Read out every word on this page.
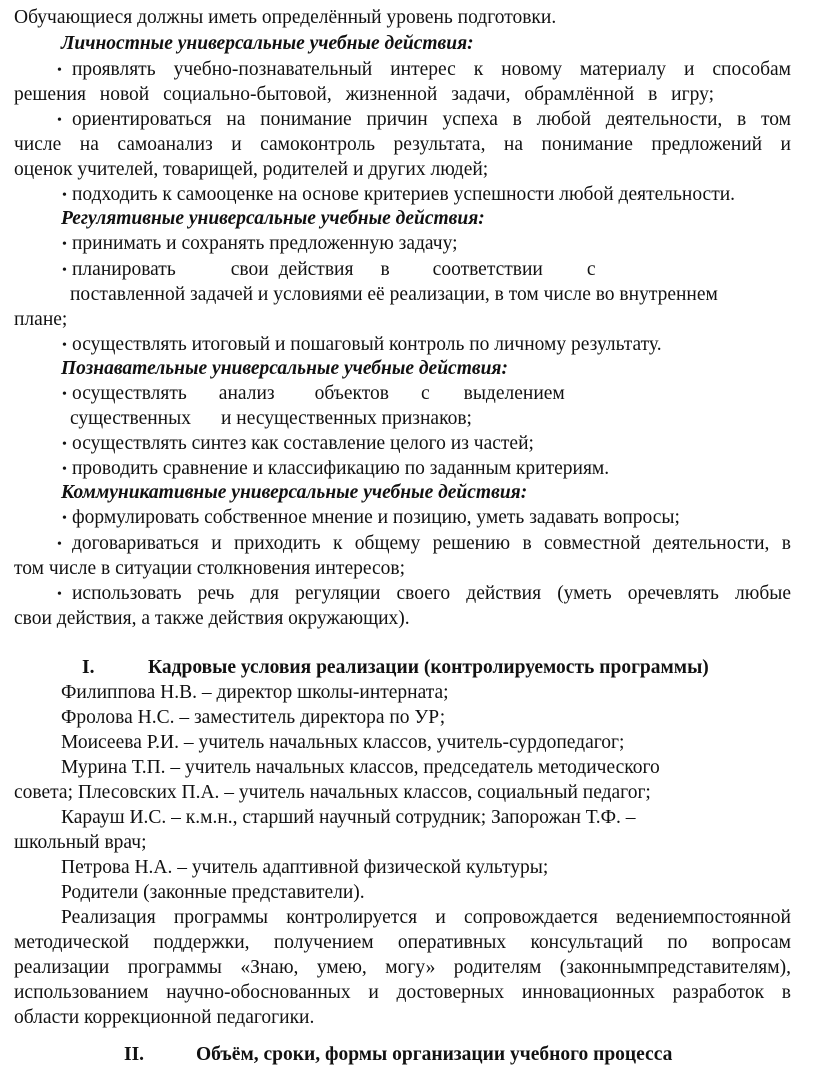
Обучающиеся должны иметь определённый уровень подготовки.
Личностные универсальные учебные действия:
• проявлять учебно-познавательный интерес к новому материалу и способам
решения новой социально-бытовой, жизненной задачи, обрамлённой в игру;
• ориентироваться на понимание причин успеха в любой деятельности, в том
числе на самоанализ и самоконтроль результата, на понимание предложений и
оценок учителей, товарищей, родителей и других людей;
• подходить к самооценке на основе критериев успешности любой деятельности.
Регулятивные универсальные учебные действия:
• принимать и сохранять предложенную задачу;
• планировать	свои действия в соответствии с
поставленной задачей и условиями её реализации, в том числе во внутреннем
плане;
• осуществлять итоговый и пошаговый контроль по личному результату.
Познавательные универсальные учебные действия:
• осуществлять анализ объектов с выделением
существенных и несущественных признаков;
• осуществлять синтез как составление целого из частей;
• проводить сравнение и классификацию по заданным критериям.
Коммуникативные универсальные учебные действия:
• формулировать собственное мнение и позицию, уметь задавать вопросы;
• договариваться и приходить к общему решению в совместной деятельности, в
том числе в ситуации столкновения интересов;
• использовать речь для регуляции своего действия (уметь оречевлять любые
свои действия, а также действия окружающих).
I.	Кадровые условия реализации (контролируемость программы)
Филиппова Н.В. – директор школы-интерната;
Фролова Н.С. – заместитель директора по УР;
Моисеева Р.И. – учитель начальных классов, учитель-сурдопедагог;
Мурина Т.П. – учитель начальных классов, председатель методического
совета; Плесовских П.А. – учитель начальных классов, социальный педагог;
Карауш И.С. – к.м.н., старший научный сотрудник; Запорожан Т.Ф. –
школьный врач;
Петрова Н.А. – учитель адаптивной физической культуры;
Родители (законные представители).
Реализация программы контролируется и сопровождается ведениемпостоянной
методической поддержки, получением оперативных консультаций по вопросам
реализации программы «Знаю, умею, могу» родителям (законнымпредставителям),
использованием научно-обоснованных и достоверных инновационных разработок в
области коррекционной педагогики.
II.	Объём, сроки, формы организации учебного процесса
